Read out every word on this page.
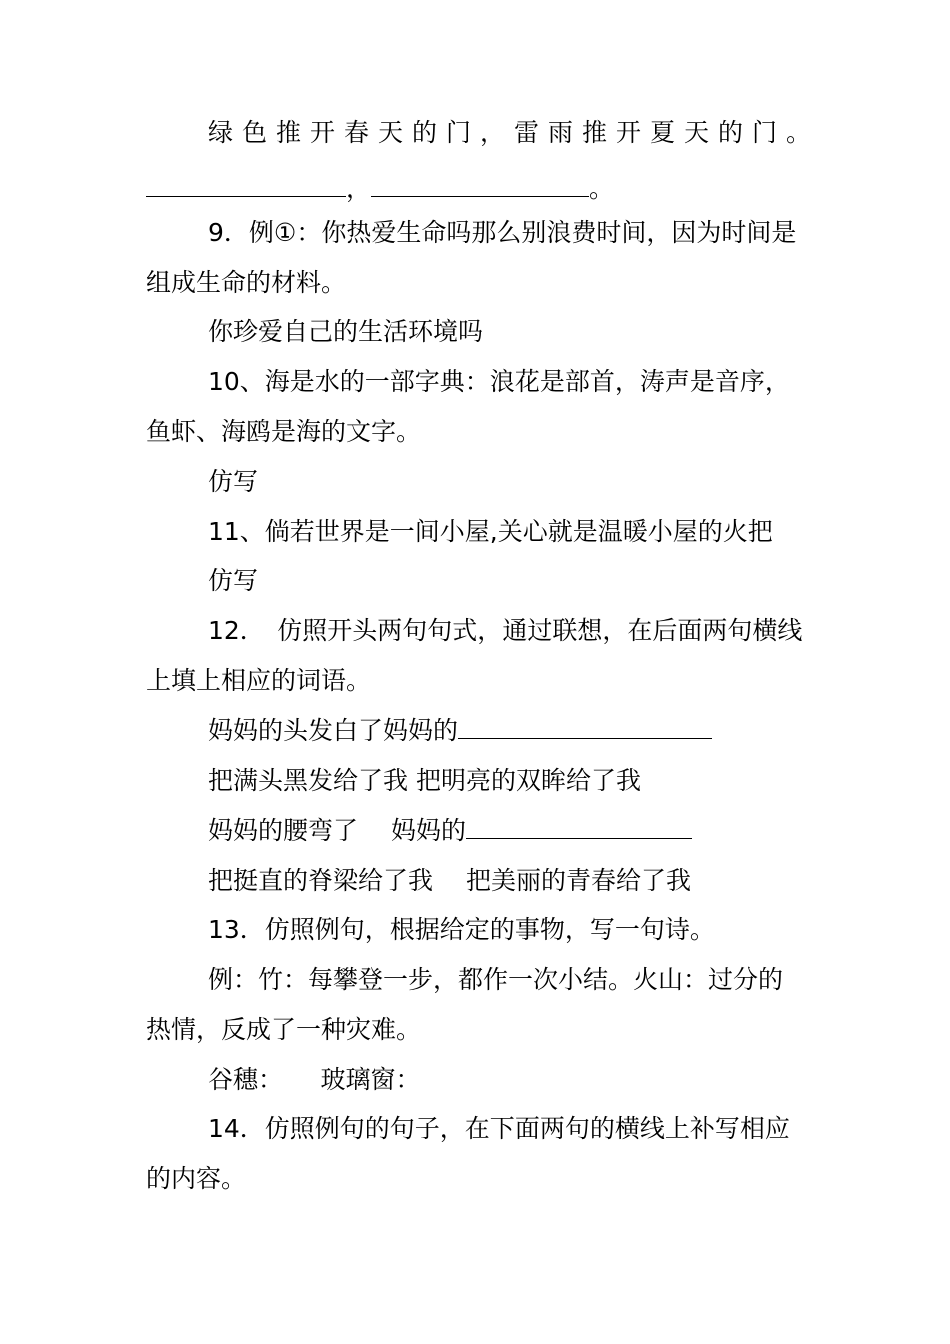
绿色推开春天的门，雷雨推开夏天的门。
，	。
9．例①：你热爱生命吗那么别浪费时间，因为时间是
组成生命的材料。
你珍爱自己的生活环境吗
10、海是水的一部字典：浪花是部首，涛声是音序，
鱼虾、海鸥是海的文字。
仿写
11、倘若世界是一间小屋,关心就是温暖小屋的火把
仿写
12．　仿照开头两句句式，通过联想，在后面两句横线
上填上相应的词语。
妈妈的头发白了妈妈的
把满头黑发给了我 把明亮的双眸给了我
妈妈的腰弯了　 妈妈的
把挺直的脊梁给了我　 把美丽的青春给了我
13．仿照例句，根据给定的事物，写一句诗。
例：竹：每攀登一步，都作一次小结。火山：过分的
热情，反成了一种灾难。
谷穗：　　玻璃窗：
14．仿照例句的句子，在下面两句的横线上补写相应
的内容。
